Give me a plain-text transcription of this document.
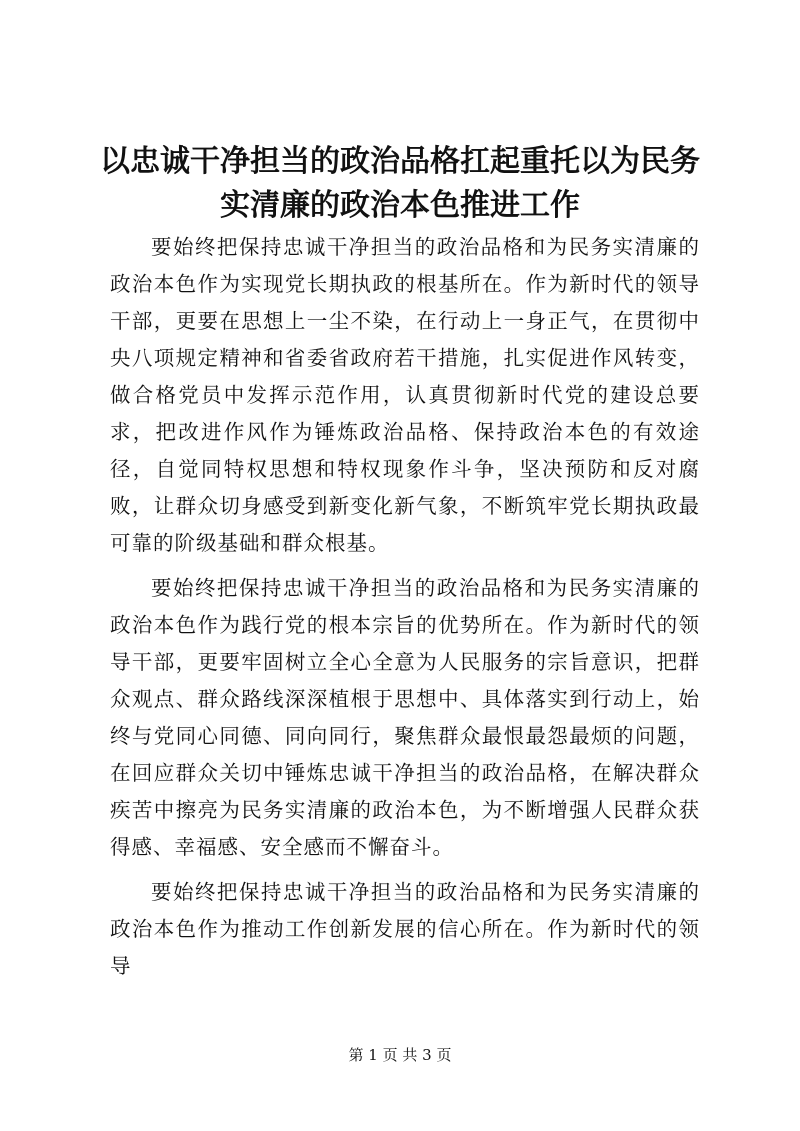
以忠诚干净担当的政治品格扛起重托以为民务实清廉的政治本色推进工作

要始终把保持忠诚干净担当的政治品格和为民务实清廉的政治本色作为实现党长期执政的根基所在。作为新时代的领导干部，更要在思想上一尘不染，在行动上一身正气，在贯彻中央八项规定精神和省委省政府若干措施，扎实促进作风转变，做合格党员中发挥示范作用，认真贯彻新时代党的建设总要求，把改进作风作为锤炼政治品格、保持政治本色的有效途径，自觉同特权思想和特权现象作斗争，坚决预防和反对腐败，让群众切身感受到新变化新气象，不断筑牢党长期执政最可靠的阶级基础和群众根基。

要始终把保持忠诚干净担当的政治品格和为民务实清廉的政治本色作为践行党的根本宗旨的优势所在。作为新时代的领导干部，更要牢固树立全心全意为人民服务的宗旨意识，把群众观点、群众路线深深植根于思想中、具体落实到行动上，始终与党同心同德、同向同行，聚焦群众最恨最怨最烦的问题，在回应群众关切中锤炼忠诚干净担当的政治品格，在解决群众疾苦中擦亮为民务实清廉的政治本色，为不断增强人民群众获得感、幸福感、安全感而不懈奋斗。

要始终把保持忠诚干净担当的政治品格和为民务实清廉的政治本色作为推动工作创新发展的信心所在。作为新时代的领导

第 1 页 共 3 页
